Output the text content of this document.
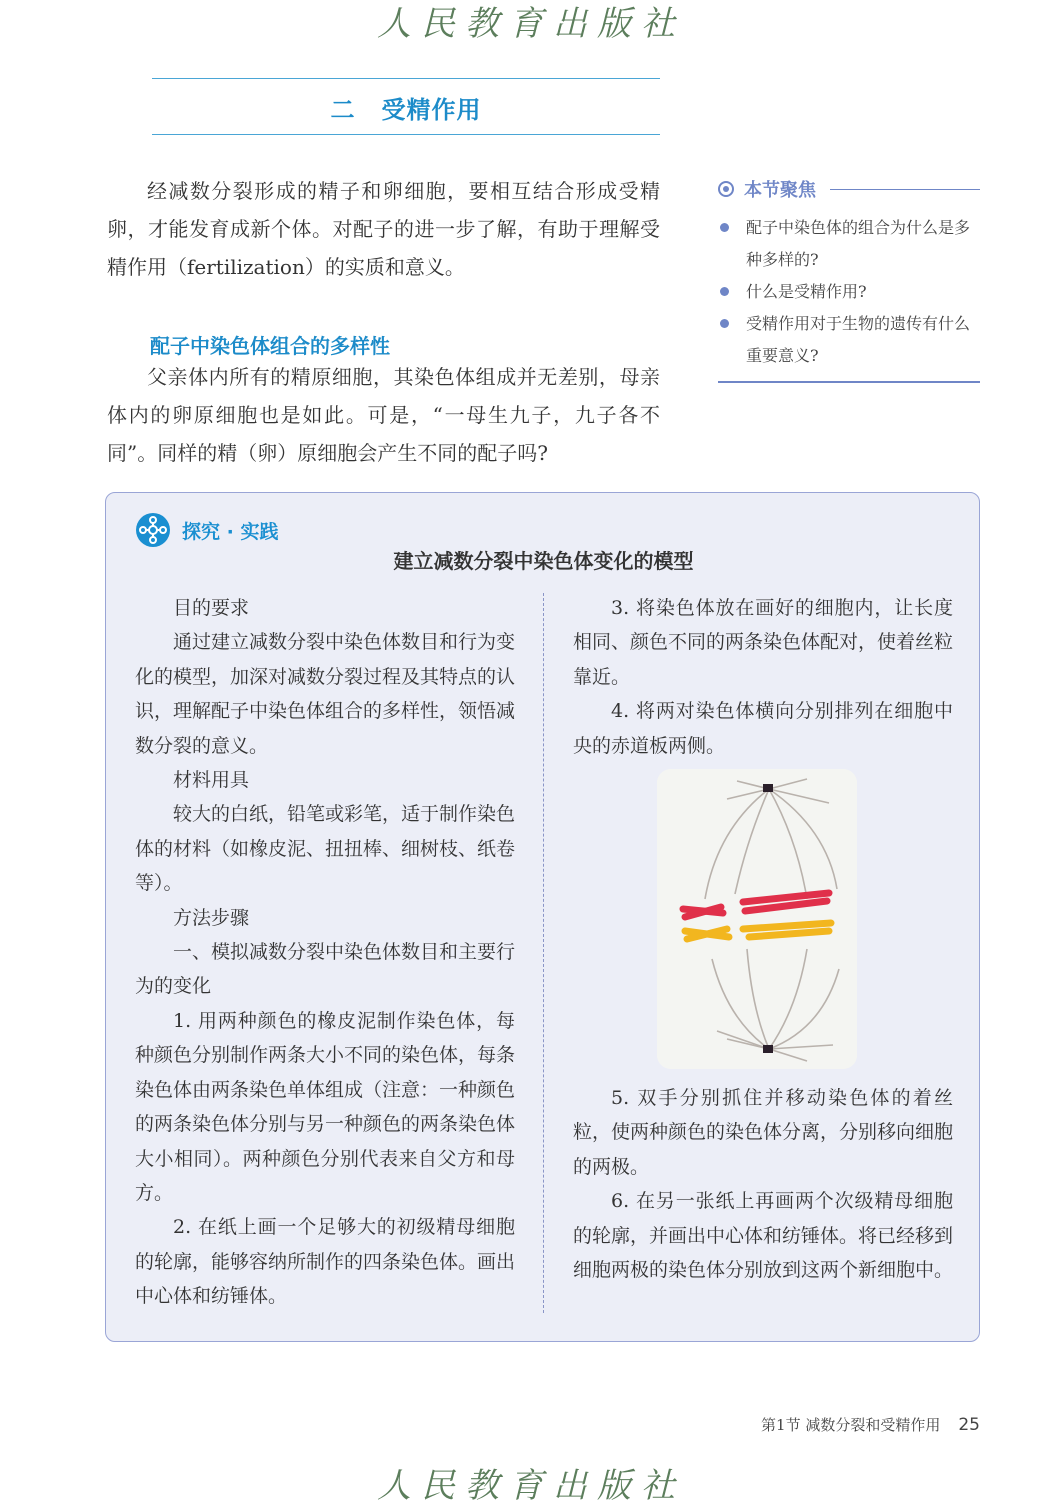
人民教育出版社
二 受精作用

经减数分裂形成的精子和卵细胞，要相互结合形成受精卵，才能发育成新个体。对配子的进一步了解，有助于理解受精作用（fertilization）的实质和意义。

配子中染色体组合的多样性

父亲体内所有的精原细胞，其染色体组成并无差别，母亲体内的卵原细胞也是如此。可是，“一母生九子，九子各不同”。同样的精（卵）原细胞会产生不同的配子吗?

本节聚焦
配子中染色体的组合为什么是多种多样的?
什么是受精作用?
受精作用对于生物的遗传有什么重要意义?
探究 · 实践
建立减数分裂中染色体变化的模型

目的要求

通过建立减数分裂中染色体数目和行为变化的模型，加深对减数分裂过程及其特点的认识，理解配子中染色体组合的多样性，领悟减数分裂的意义。

材料用具

较大的白纸，铅笔或彩笔，适于制作染色体的材料（如橡皮泥、扭扭棒、细树枝、纸卷等）。

方法步骤

一、模拟减数分裂中染色体数目和主要行为的变化

1. 用两种颜色的橡皮泥制作染色体，每种颜色分别制作两条大小不同的染色体，每条染色体由两条染色单体组成（注意：一种颜色的两条染色体分别与另一种颜色的两条染色体大小相同）。两种颜色分别代表来自父方和母方。

2. 在纸上画一个足够大的初级精母细胞的轮廓，能够容纳所制作的四条染色体。画出中心体和纺锤体。

3. 将染色体放在画好的细胞内，让长度相同、颜色不同的两条染色体配对，使着丝粒靠近。

4. 将两对染色体横向分别排列在细胞中央的赤道板两侧。

5. 双手分别抓住并移动染色体的着丝粒，使两种颜色的染色体分离，分别移向细胞的两极。

6. 在另一张纸上再画两个次级精母细胞的轮廓，并画出中心体和纺锤体。将已经移到细胞两极的染色体分别放到这两个新细胞中。

第1节 减数分裂和受精作用 25
人民教育出版社
